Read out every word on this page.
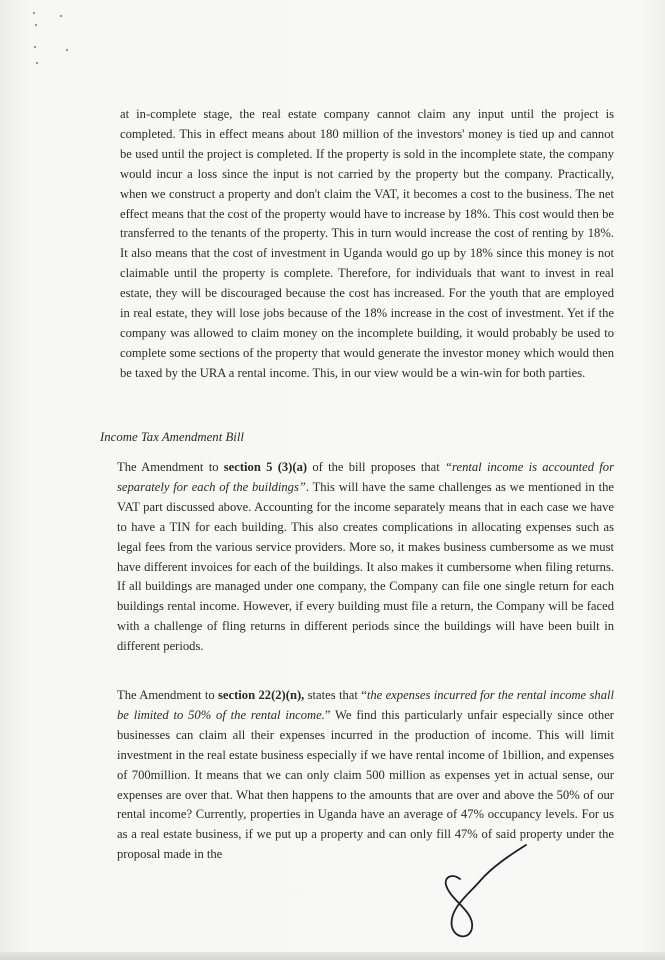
at in-complete stage, the real estate company cannot claim any input until the project is completed. This in effect means about 180 million of the investors' money is tied up and cannot be used until the project is completed. If the property is sold in the incomplete state, the company would incur a loss since the input is not carried by the property but the company. Practically, when we construct a property and don't claim the VAT, it becomes a cost to the business. The net effect means that the cost of the property would have to increase by 18%. This cost would then be transferred to the tenants of the property. This in turn would increase the cost of renting by 18%. It also means that the cost of investment in Uganda would go up by 18% since this money is not claimable until the property is complete. Therefore, for individuals that want to invest in real estate, they will be discouraged because the cost has increased. For the youth that are employed in real estate, they will lose jobs because of the 18% increase in the cost of investment. Yet if the company was allowed to claim money on the incomplete building, it would probably be used to complete some sections of the property that would generate the investor money which would then be taxed by the URA a rental income. This, in our view would be a win-win for both parties.

Income Tax Amendment Bill

The Amendment to section 5 (3)(a) of the bill proposes that “rental income is accounted for separately for each of the buildings”. This will have the same challenges as we mentioned in the VAT part discussed above. Accounting for the income separately means that in each case we have to have a TIN for each building. This also creates complications in allocating expenses such as legal fees from the various service providers. More so, it makes business cumbersome as we must have different invoices for each of the buildings. It also makes it cumbersome when filing returns. If all buildings are managed under one company, the Company can file one single return for each buildings rental income. However, if every building must file a return, the Company will be faced with a challenge of fling returns in different periods since the buildings will have been built in different periods.

The Amendment to section 22(2)(n), states that “the expenses incurred for the rental income shall be limited to 50% of the rental income.” We find this particularly unfair especially since other businesses can claim all their expenses incurred in the production of income. This will limit investment in the real estate business especially if we have rental income of 1billion, and expenses of 700million. It means that we can only claim 500 million as expenses yet in actual sense, our expenses are over that. What then happens to the amounts that are over and above the 50% of our rental income? Currently, properties in Uganda have an average of 47% occupancy levels. For us as a real estate business, if we put up a property and can only fill 47% of said property under the proposal made in the
